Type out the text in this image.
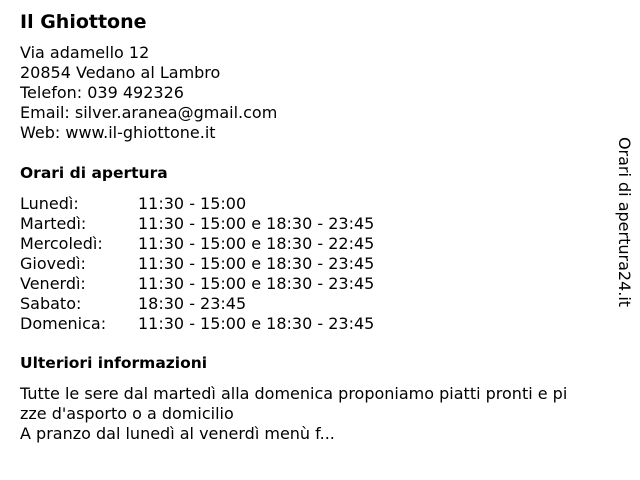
Il Ghiottone
Via adamello 12
20854 Vedano al Lambro
Telefon: 039 492326
Email: silver.aranea@gmail.com
Web: www.il-ghiottone.it
Orari di apertura
Lunedì:	11:30 - 15:00
Martedì:	11:30 - 15:00 e 18:30 - 23:45
Mercoledì: 11:30 - 15:00 e 18:30 - 22:45
Giovedì:	11:30 - 15:00 e 18:30 - 23:45
Venerdì:	11:30 - 15:00 e 18:30 - 23:45
Sabato:	18:30 - 23:45
Domenica: 11:30 - 15:00 e 18:30 - 23:45
Ulteriori informazioni
Tutte le sere dal martedì alla domenica proponiamo piatti pronti e pi
zze d'asporto o a domicilio
A pranzo dal lunedì al venerdì menù f...
Orari di apertura24.it
